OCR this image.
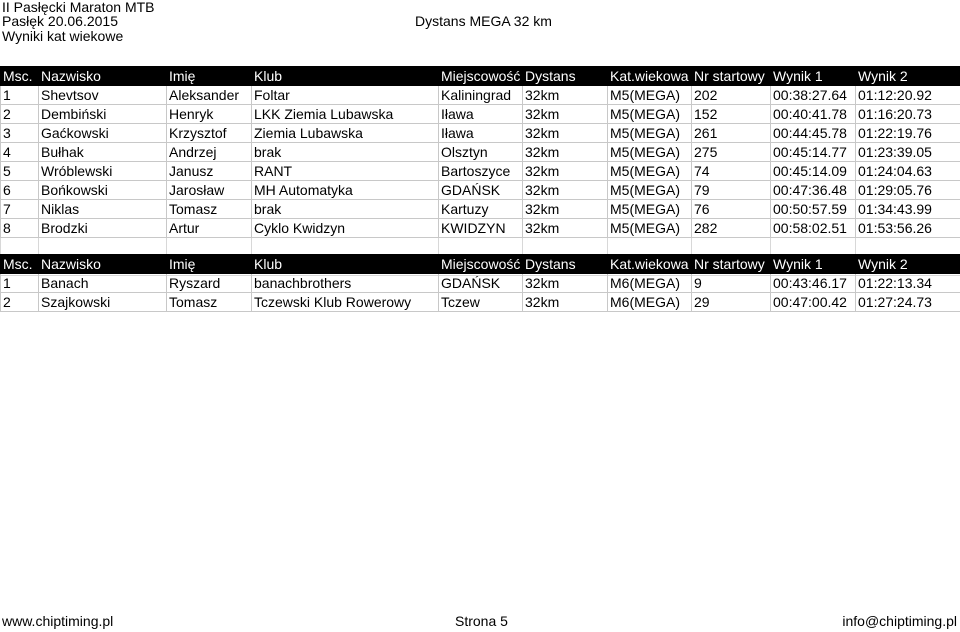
II Pasłęcki Maraton MTB
Pasłęk 20.06.2015
Wyniki kat wiekowe
Dystans MEGA 32 km
Msc.	Nazwisko	Imię	Klub	Miejscowość	Dystans	Kat.wiekowa	Nr startowy	Wynik 1	Wynik 2
1	Shevtsov	Aleksander	Foltar	Kaliningrad	32km	M5(MEGA)	202	00:38:27.64	01:12:20.92
2	Dembiński	Henryk	LKK Ziemia Lubawska	Iława	32km	M5(MEGA)	152	00:40:41.78	01:16:20.73
3	Gaćkowski	Krzysztof	Ziemia Lubawska	Iława	32km	M5(MEGA)	261	00:44:45.78	01:22:19.76
4	Bułhak	Andrzej	brak	Olsztyn	32km	M5(MEGA)	275	00:45:14.77	01:23:39.05
5	Wróblewski	Janusz	RANT	Bartoszyce	32km	M5(MEGA)	74	00:45:14.09	01:24:04.63
6	Bońkowski	Jarosław	MH Automatyka	GDAŃSK	32km	M5(MEGA)	79	00:47:36.48	01:29:05.76
7	Niklas	Tomasz	brak	Kartuzy	32km	M5(MEGA)	76	00:50:57.59	01:34:43.99
8	Brodzki	Artur	Cyklo Kwidzyn	KWIDZYN	32km	M5(MEGA)	282	00:58:02.51	01:53:56.26

Msc.	Nazwisko	Imię	Klub	Miejscowość	Dystans	Kat.wiekowa	Nr startowy	Wynik 1	Wynik 2
1	Banach	Ryszard	banachbrothers	GDAŃSK	32km	M6(MEGA)	9	00:43:46.17	01:22:13.34
2	Szajkowski	Tomasz	Tczewski Klub Rowerowy	Tczew	32km	M6(MEGA)	29	00:47:00.42	01:27:24.73
www.chiptiming.pl	Strona 5	info@chiptiming.pl
